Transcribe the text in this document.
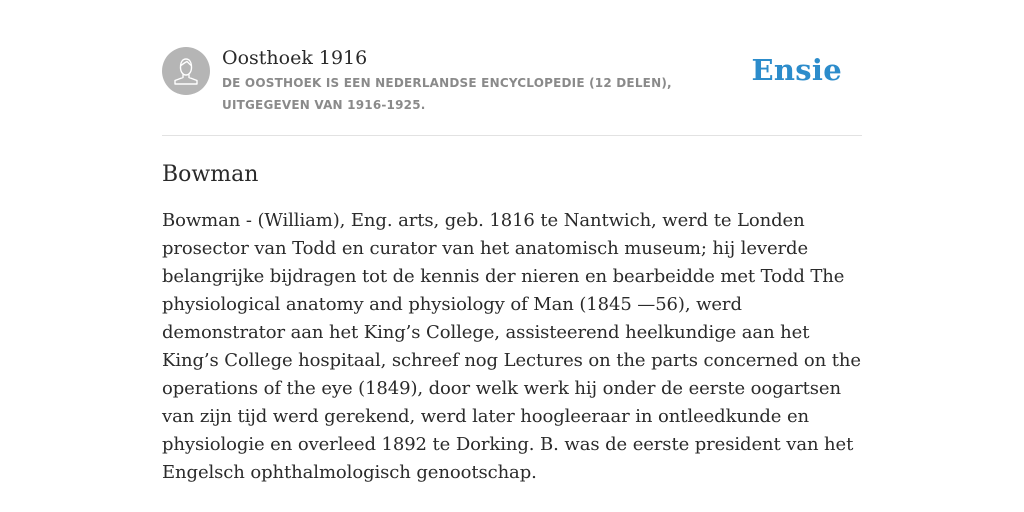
Oosthoek 1916

DE OOSTHOEK IS EEN NEDERLANDSE ENCYCLOPEDIE (12 DELEN), UITGEGEVEN VAN 1916-1925.

Ensie
Bowman

Bowman - (William), Eng. arts, geb. 1816 te Nantwich, werd te Londen prosector van Todd en curator van het anatomisch museum; hij leverde belangrijke bijdragen tot de kennis der nieren en bearbeidde met Todd The physiological anatomy and physiology of Man (1845 —56), werd demonstrator aan het King’s College, assisteerend heelkundige aan het King’s College hospitaal, schreef nog Lectures on the parts concerned on the operations of the eye (1849), door welk werk hij onder de eerste oogartsen van zijn tijd werd gerekend, werd later hoogleeraar in ontleedkunde en physiologie en overleed 1892 te Dorking. B. was de eerste president van het Engelsch ophthalmologisch genootschap.
